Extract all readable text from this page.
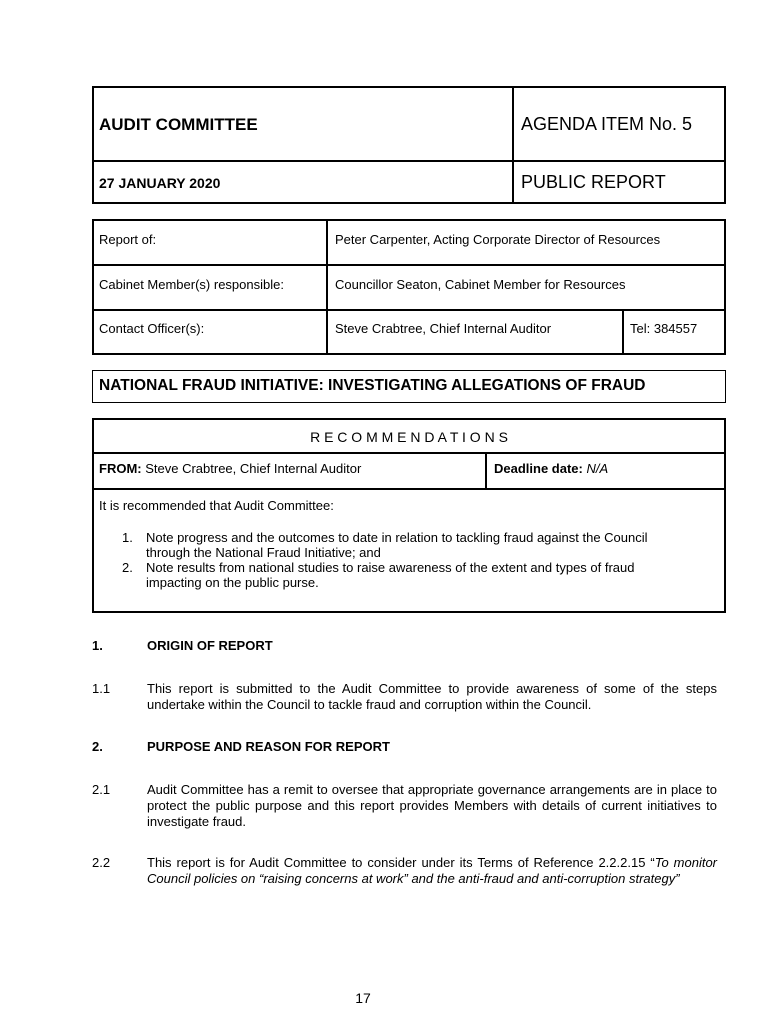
AUDIT COMMITTEE	AGENDA ITEM No. 5
27 JANUARY 2020	PUBLIC REPORT
Report of:	Peter Carpenter, Acting Corporate Director of Resources
Cabinet Member(s) responsible:	Councillor Seaton, Cabinet Member for Resources
Contact Officer(s):	Steve Crabtree, Chief Internal Auditor	Tel: 384557
NATIONAL FRAUD INITIATIVE: INVESTIGATING ALLEGATIONS OF FRAUD
R E C O M M E N D A T I O N S
FROM: Steve Crabtree, Chief Internal Auditor	Deadline date: N/A
It is recommended that Audit Committee:
1. Note progress and the outcomes to date in relation to tackling fraud against the Council
through the National Fraud Initiative; and
2. Note results from national studies to raise awareness of the extent and types of fraud
impacting on the public purse.
1.	ORIGIN OF REPORT
1.1	This report is submitted to the Audit Committee to provide awareness of some of the steps undertake within the Council to tackle fraud and corruption within the Council.
2.	PURPOSE AND REASON FOR REPORT
2.1	Audit Committee has a remit to oversee that appropriate governance arrangements are in place to protect the public purpose and this report provides Members with details of current initiatives to investigate fraud.
2.2	This report is for Audit Committee to consider under its Terms of Reference 2.2.2.15 “To monitor Council policies on “raising concerns at work” and the anti-fraud and anti-corruption strategy”
17
